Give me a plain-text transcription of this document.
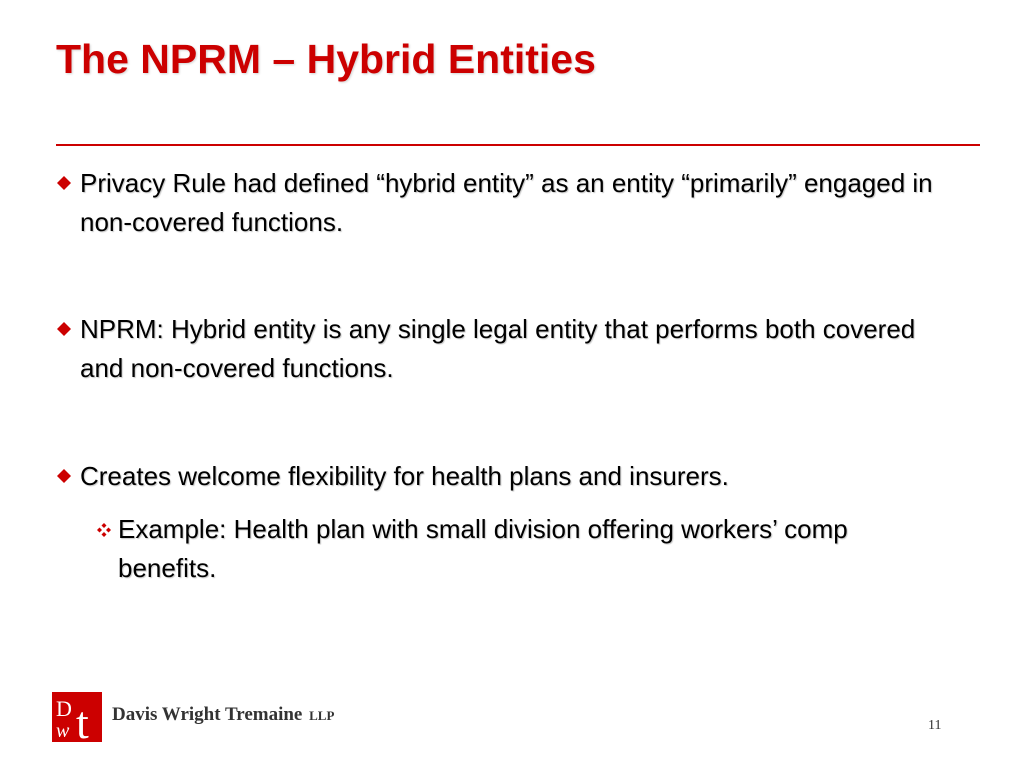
The NPRM – Hybrid Entities
Privacy Rule had defined “hybrid entity” as an entity “primarily” engaged in non-covered functions.
NPRM: Hybrid entity is any single legal entity that performs both covered and non-covered functions.
Creates welcome flexibility for health plans and insurers.
Example: Health plan with small division offering workers’ comp benefits.
D
w t Davis Wright Tremaine LLP
11
